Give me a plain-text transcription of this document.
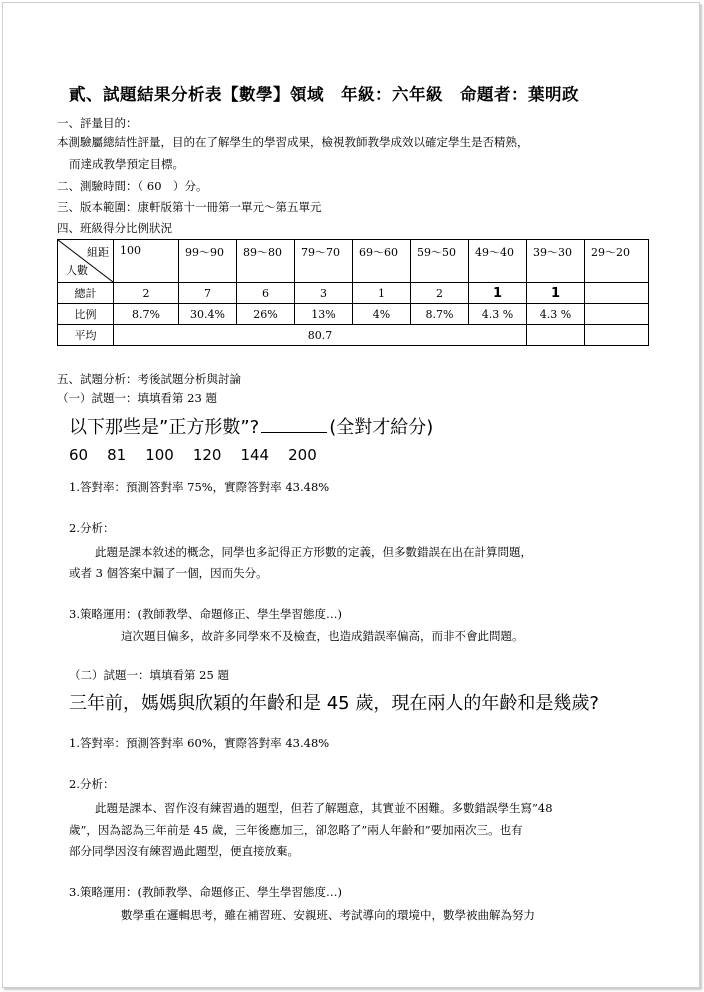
貳、試題結果分析表【數學】領域　年級：六年級　命題者：葉明政
一、評量目的：
本測驗屬總結性評量，目的在了解學生的學習成果，檢視教師教學成效以確定學生是否精熟，
而達成教學預定目標。
二、測驗時間：（ 60　）分。
三、版本範圍：康軒版第十一冊第一單元～第五單元
四、班級得分比例狀況
組距
人數	100	99～90	89～80	79～70	69～60	59～50	49～40	39～30	29～20
總計	2	7	6	3	1	2	1	1	
比例	8.7%	30.4%	26%	13%	4%	8.7%	4.3 %	4.3 %	
平均	80.7								
五、試題分析：考後試題分析與討論
（一）試題一：填填看第 23 題
以下那些是”正方形數”?	(全對才給分)
60 81 100 120 144 200
1.答對率：預測答對率 75%，實際答對率 43.48%
2.分析：
此題是課本敘述的概念，同學也多記得正方形數的定義，但多數錯誤在出在計算問題，
或者 3 個答案中漏了一個，因而失分。
3.策略運用：(教師教學、命題修正、學生學習態度…)
這次題目偏多，故許多同學來不及檢查，也造成錯誤率偏高，而非不會此問題。
（二）試題一：填填看第 25 題
三年前，媽媽與欣穎的年齡和是 45 歲，現在兩人的年齡和是幾歲?
1.答對率：預測答對率 60%，實際答對率 43.48%
2.分析：
此題是課本、習作沒有練習過的題型，但若了解題意，其實並不困難。多數錯誤學生寫”48
歲”，因為認為三年前是 45 歲，三年後應加三，卻忽略了”兩人年齡和”要加兩次三。也有
部分同學因沒有練習過此題型，便直接放棄。
3.策略運用：(教師教學、命題修正、學生學習態度…)
數學重在邏輯思考，雖在補習班、安親班、考試導向的環境中，數學被曲解為努力
